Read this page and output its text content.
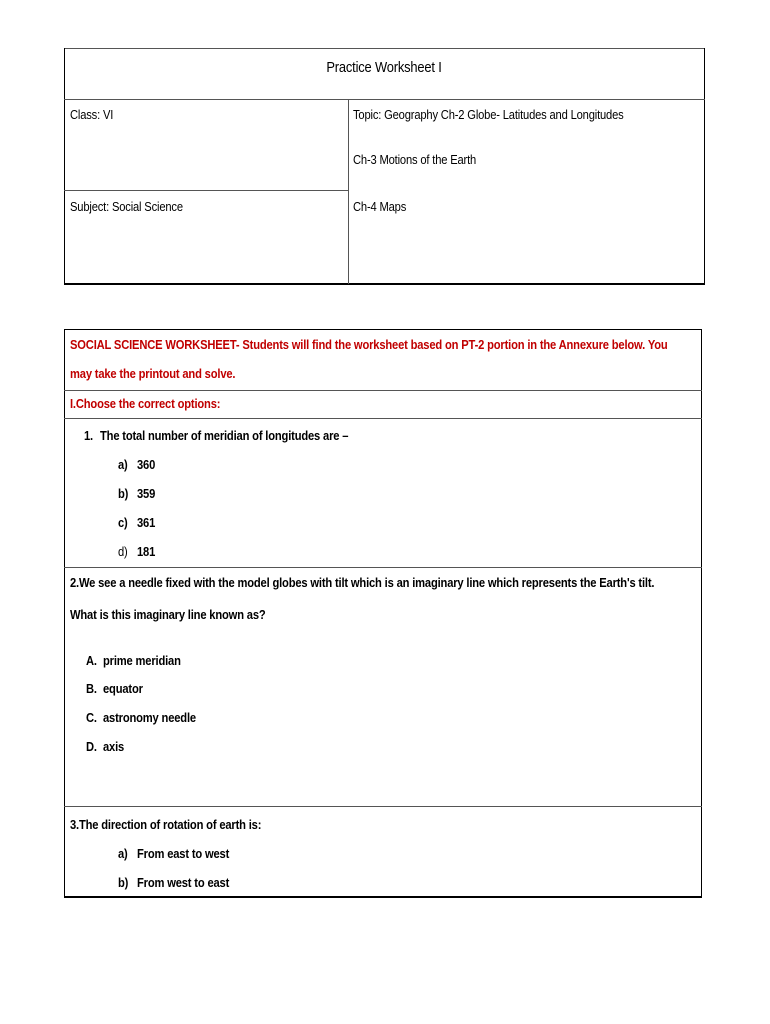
Practice Worksheet I
Class: VI	Topic: Geography Ch-2 Globe- Latitudes and Longitudes
Ch-3 Motions of the Earth
Subject: Social Science	Ch-4 Maps
SOCIAL SCIENCE WORKSHEET- Students will find the worksheet based on PT-2 portion in the Annexure below. You
may take the printout and solve.
I.Choose the correct options:
1. The total number of meridian of longitudes are –
a) 360
b) 359
c) 361
d) 181
2.We see a needle fixed with the model globes with tilt which is an imaginary line which represents the Earth's tilt.
What is this imaginary line known as?
A. prime meridian
B. equator
C. astronomy needle
D. axis
3.The direction of rotation of earth is:
a) From east to west
b) From west to east
